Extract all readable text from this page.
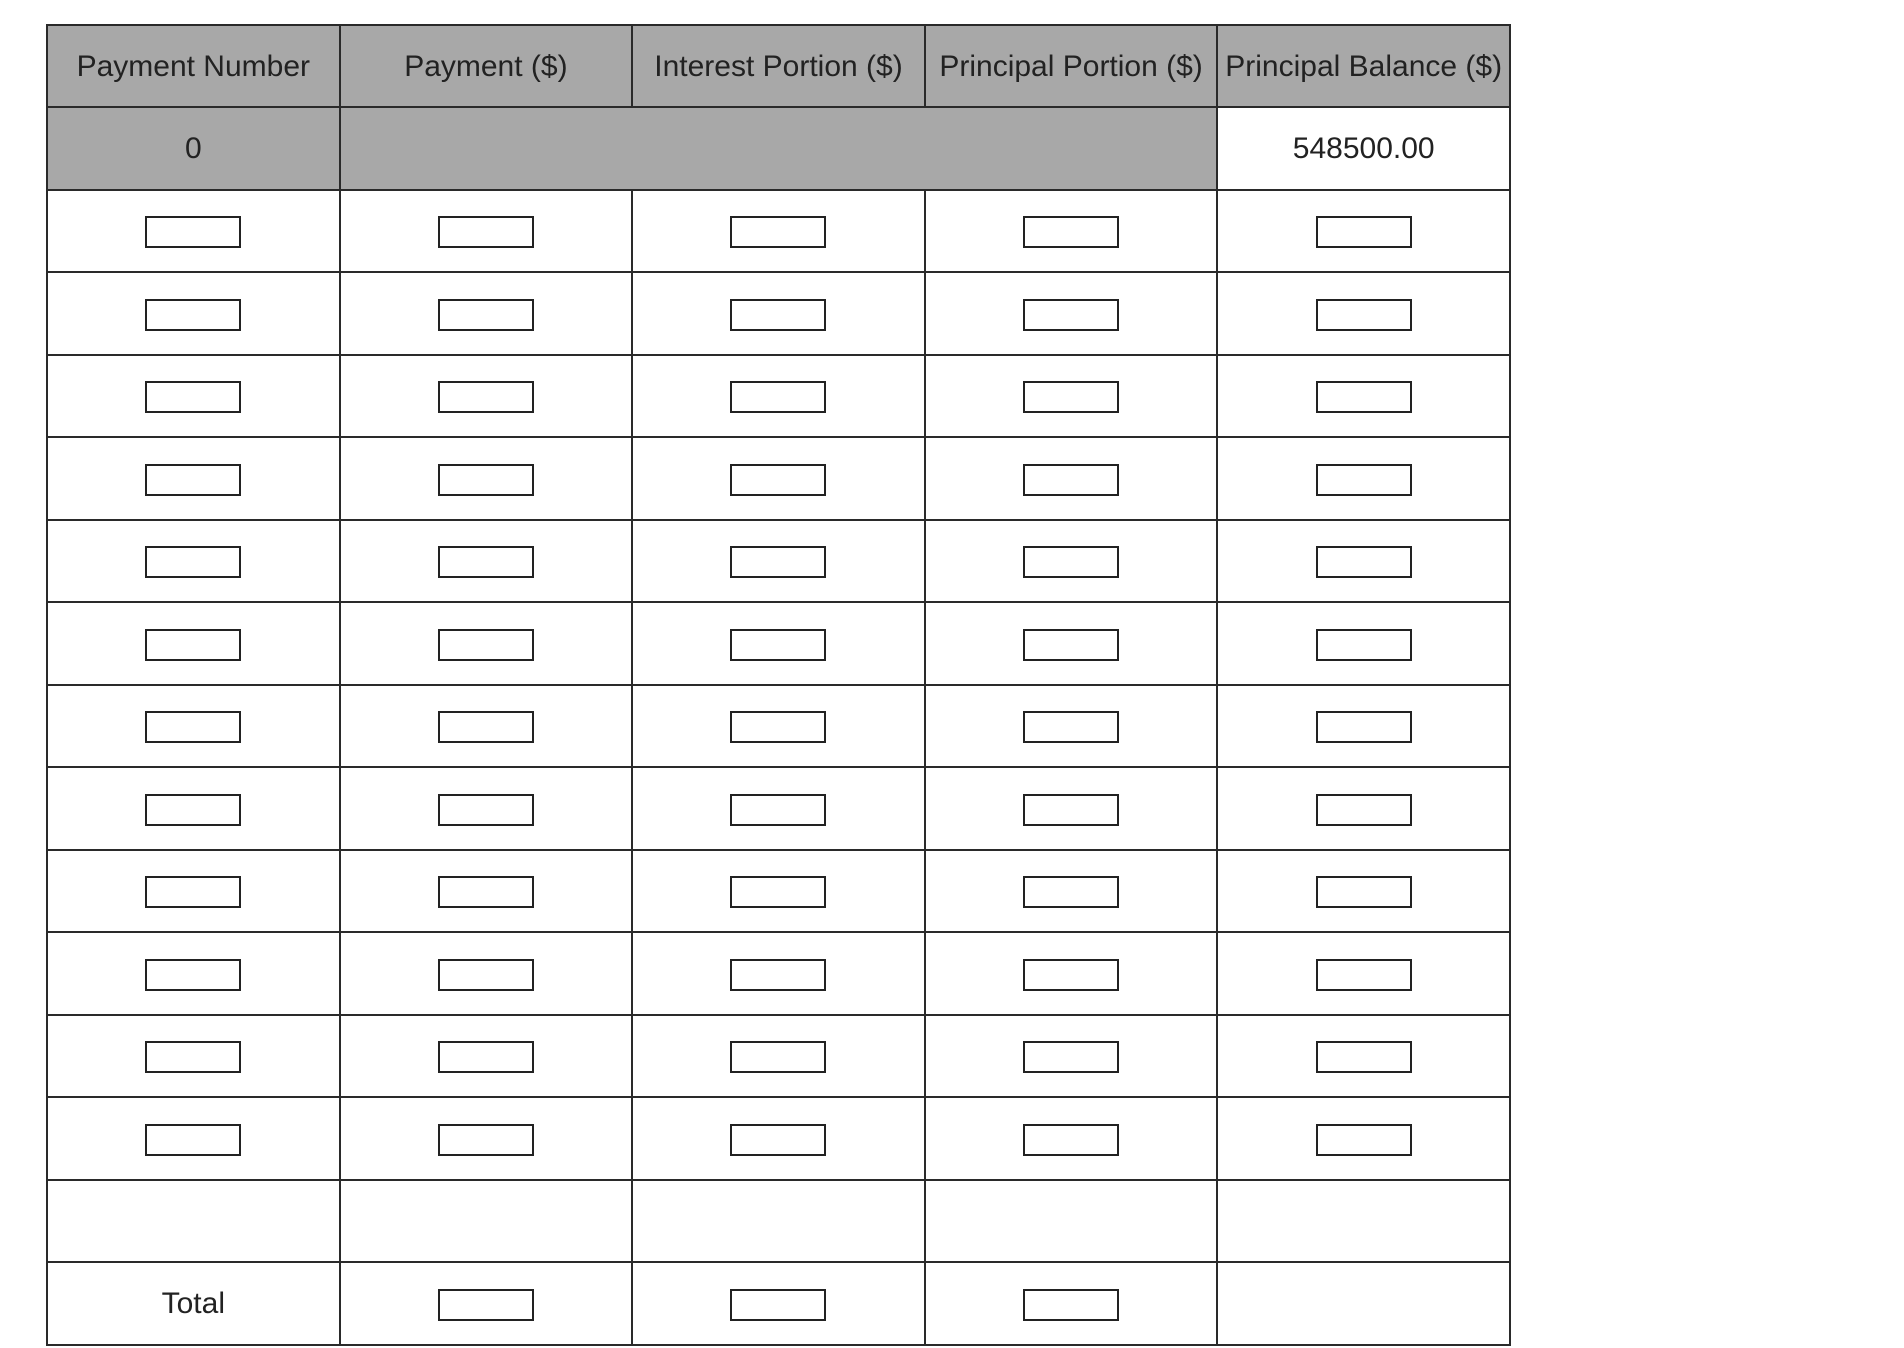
Payment Number	Payment ($)	Interest Portion ($)	Principal Portion ($)	Principal Balance ($)
0				548500.00

Total				
